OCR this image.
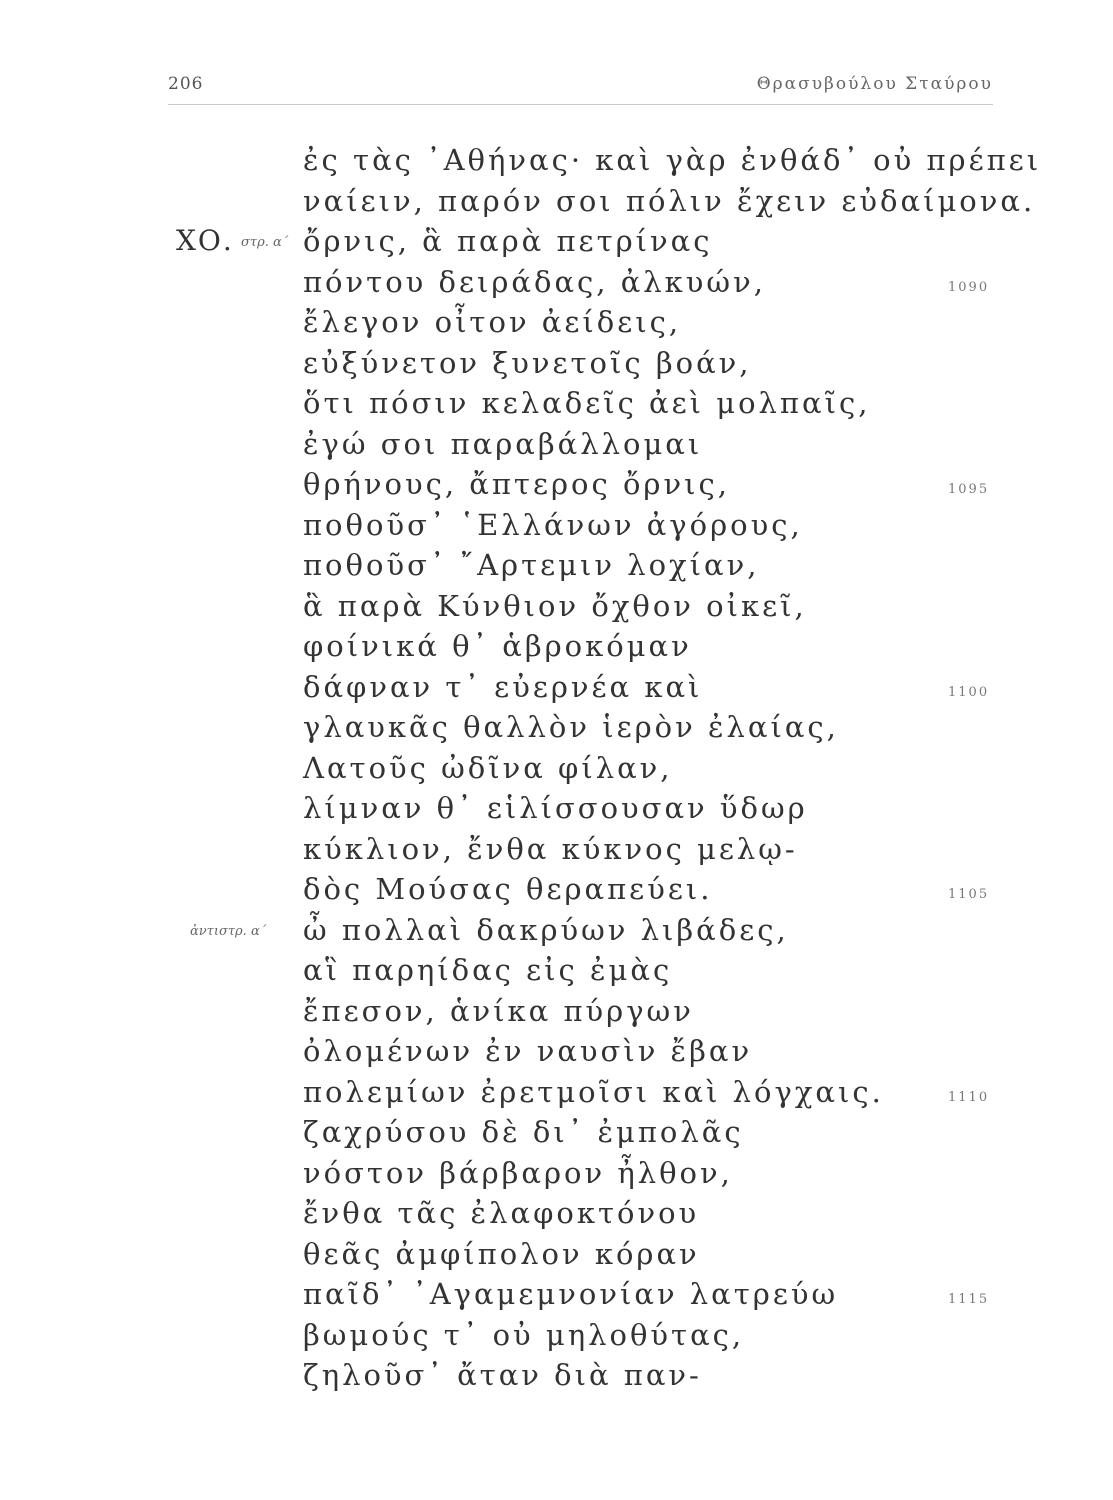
206	Θρασυβούλου Σταύρου
ἐς τὰς ᾿Αθήνας· καὶ γὰρ ἐνθάδ᾿ οὐ πρέπει
ναίειν, παρόν σοι πόλιν ἔχειν εὐδαίμονα.
ΧΟ. στρ. α΄ ὄρνις, ἃ παρὰ πετρίνας
πόντου δειράδας, ἀλκυών,	1090
ἔλεγον οἶτον ἀείδεις,
εὐξύνετον ξυνετοῖς βοάν,
ὅτι πόσιν κελαδεῖς ἀεὶ μολπαῖς,
ἐγώ σοι παραβάλλομαι
θρήνους, ἄπτερος ὄρνις,	1095
ποθοῦσ᾿ ῾Ελλάνων ἀγόρους,
ποθοῦσ᾿ ῎Αρτεμιν λοχίαν,
ἃ παρὰ Κύνθιον ὄχθον οἰκεῖ,
φοίνικά θ᾿ ἁβροκόμαν
δάφναν τ᾿ εὐερνέα καὶ	1100
γλαυκᾶς θαλλὸν ἱερὸν ἐλαίας,
Λατοῦς ὠδῖνα φίλαν,
λίμναν θ᾿ εἱλίσσουσαν ὕδωρ
κύκλιον, ἔνθα κύκνος μελῳ-
δὸς Μούσας θεραπεύει.	1105
ἀντιστρ. α΄ ὦ πολλαὶ δακρύων λιβάδες,
αἳ παρηίδας εἰς ἐμὰς
ἔπεσον, ἁνίκα πύργων
ὀλομένων ἐν ναυσὶν ἔβαν
πολεμίων ἐρετμοῖσι καὶ λόγχαις.	1110
ζαχρύσου δὲ δι᾿ ἐμπολᾶς
νόστον βάρβαρον ἦλθον,
ἔνθα τᾶς ἐλαφοκτόνου
θεᾶς ἀμφίπολον κόραν
παῖδ᾿ ᾿Αγαμεμνονίαν λατρεύω	1115
βωμούς τ᾿ οὐ μηλοθύτας,
ζηλοῦσ᾿ ἄταν διὰ παν-
